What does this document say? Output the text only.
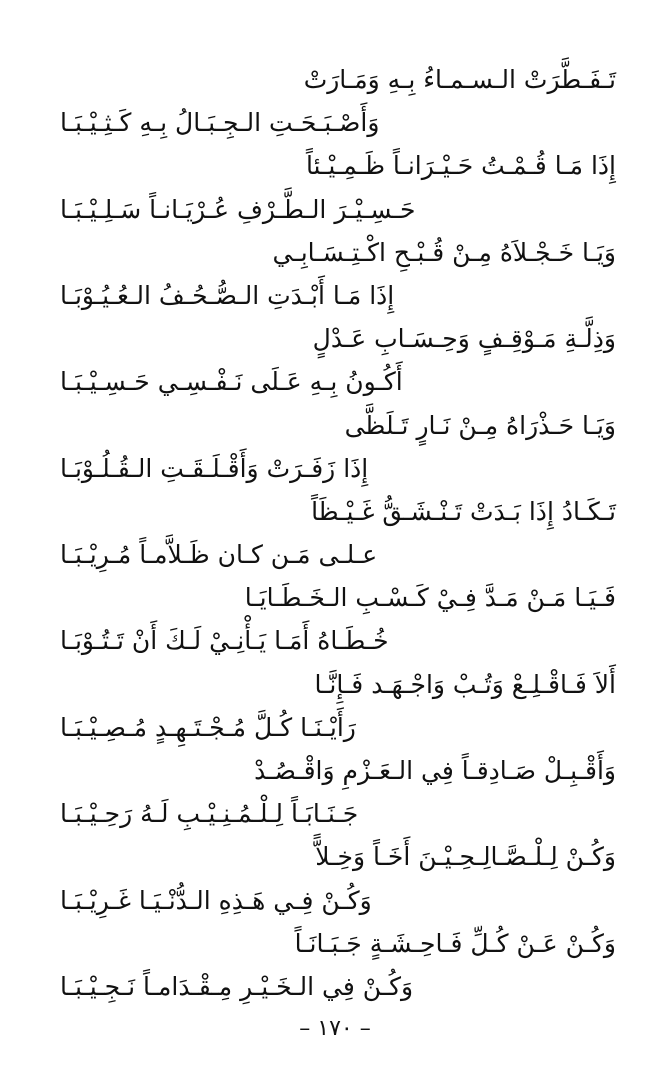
تَـفَـطَّرَتْ الـسـمـاءُ بِـهِ وَمَـارَتْ
وَأَصْـبَـحَـتِ الـجِـبَـالُ بِـهِ كَـثِـيْـبَـا
إِذَا مَـا قُـمْـتُ حَـيْـرَانـاً ظَـمِـيْـئاً
حَـسِـيْـرَ الـطَّـرْفِ عُـرْيَـانـاً سَـلِـيْـبَـا
وَيَـا خَـجْـلاَهُ مِـنْ قُـبْـحِ اكْـتِـسَـابِـي
إِذَا مَـا أَبْـدَتِ الـصُّـحُـفُ الـعُـيُـوْبَـا
وَذِلَّـةِ مَـوْقِـفٍ وَحِـسَـابِ عَـدْلٍ
أَكُـونُ بِـهِ عَـلَى نَـفْـسِـي حَـسِـيْـبَـا
وَيَـا حَـذْرَاهُ مِـنْ نَـارٍ تَـلَظَّى
إِذَا زَفَـرَتْ وَأَقْـلَـقَـتِ الـقُـلُـوْبَـا
تَـكَـادُ إِذَا بَـدَتْ تَـنْـشَـقُّ غَـيْـظَاً
عـلـى مَـن كـان ظَـلاَّمـاً مُـرِيْـبَـا
فَـيَـا مَـنْ مَـدَّ فِـيْ كَـسْـبِ الـخَـطَـايَـا
خُـطَـاهُ أَمَـا يَـأْنِـيْ لَـكَ أَنْ تَـتُـوْبَـا
أَلاَ فَـاقْـلِـعْ وَتُـبْ وَاجْـهَـد فَـإِنَّـا
رَأَيْـنَـا كُـلَّ مُـجْـتَـهِـدٍ مُـصِـيْـبَـا
وَأَقْـبِـلْ صَـادِقـاً فِي الـعَـزْمِ وَاقْـصُـدْ
جَـنَـابَـاً لِـلْـمُـنِـيْـبِ لَـهُ رَحِـيْـبَـا
وَكُـنْ لِـلْـصَّـالِـحِـيْـنَ أَخَـاً وَخِـلاًّ
وَكُـنْ فِـي هَـذِهِ الـدُّنْـيَـا غَـرِيْـبَـا
وَكُـنْ عَـنْ كُـلِّ فَـاحِـشَـةٍ جَـبَـانَـاً
وَكُـنْ فِي الـخَـيْـرِ مِـقْـدَامـاً نَـجِـيْـبَـا
– ١٧٠ –
